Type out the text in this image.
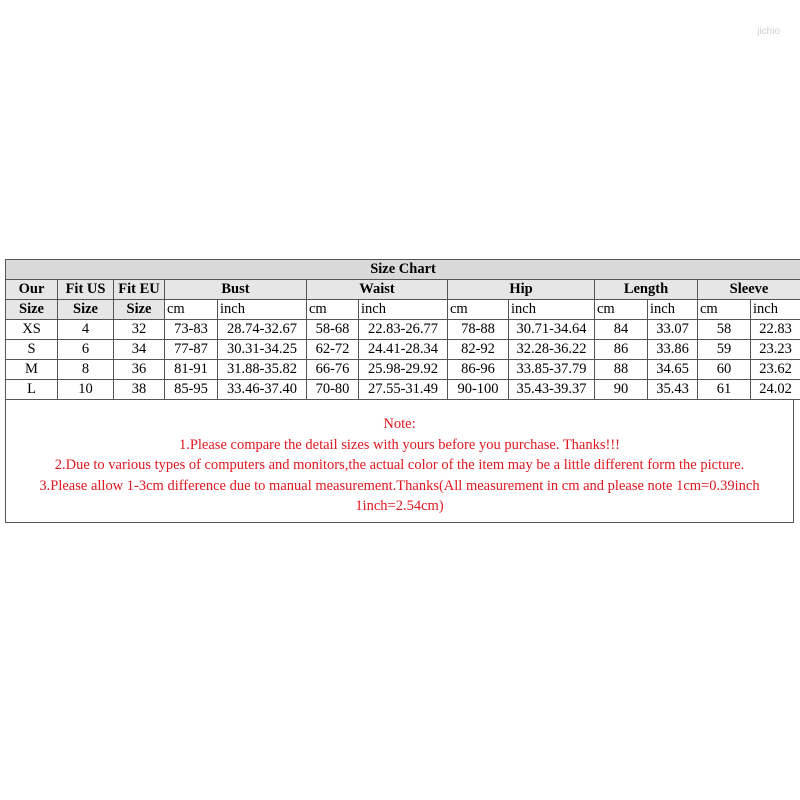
jichio
Size Chart												
Our	Fit US	Fit EU	Bust		Waist		Hip		Length		Sleeve	
Size	Size	Size	cm	inch	cm	inch	cm	inch	cm	inch	cm	inch
XS	4	32	73-83	28.74-32.67	58-68	22.83-26.77	78-88	30.71-34.64	84	33.07	58	22.83
S	6	34	77-87	30.31-34.25	62-72	24.41-28.34	82-92	32.28-36.22	86	33.86	59	23.23
M	8	36	81-91	31.88-35.82	66-76	25.98-29.92	86-96	33.85-37.79	88	34.65	60	23.62
L	10	38	85-95	33.46-37.40	70-80	27.55-31.49	90-100	35.43-39.37	90	35.43	61	24.02
Note:
1.Please compare the detail sizes with yours before you purchase. Thanks!!!
2.Due to various types of computers and monitors,the actual color of the item may be a little different form the picture.
3.Please allow 1-3cm difference due to manual measurement.Thanks(All measurement in cm and please note 1cm=0.39inch
1inch=2.54cm)
